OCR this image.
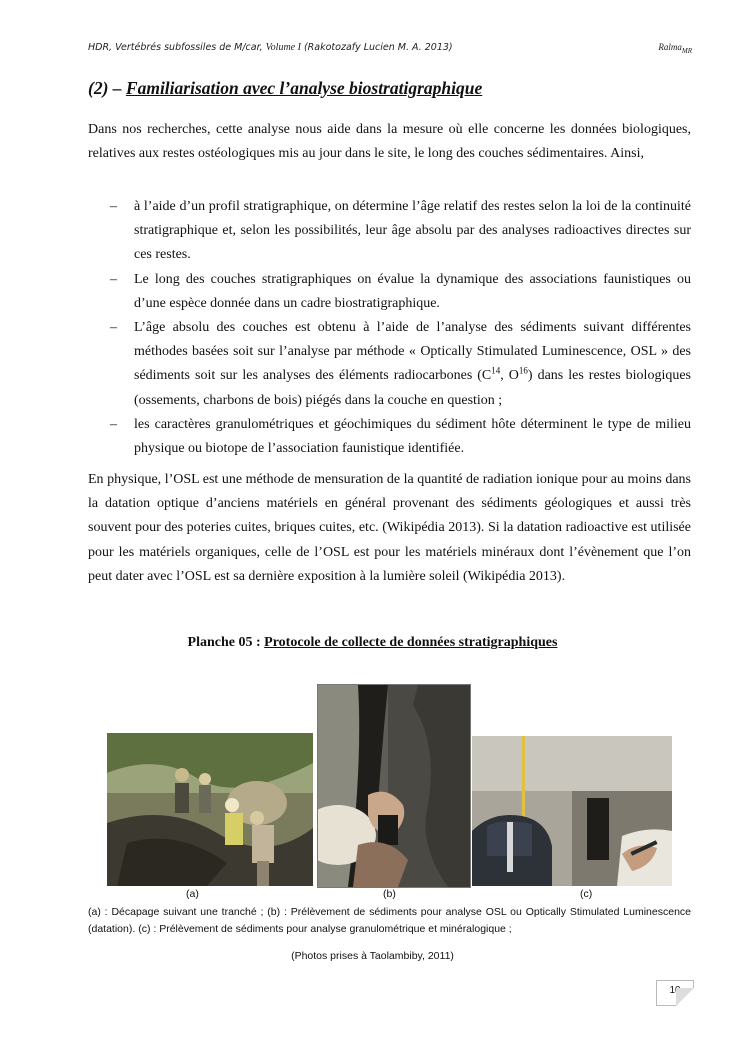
HDR, Vertébrés subfossiles de M/car, Volume I (Rakotozafy Lucien M. A. 2013)	Ralma$_{MR}$
(2) – Familiarisation avec l’analyse biostratigraphique

Dans nos recherches, cette analyse nous aide dans la mesure où elle concerne les données biologiques, relatives aux restes ostéologiques mis au jour dans le site, le long des couches sédimentaires. Ainsi,

– à l’aide d’un profil stratigraphique, on détermine l’âge relatif des restes selon la loi de la continuité stratigraphique et, selon les possibilités, leur âge absolu par des analyses radioactives directes sur ces restes.
– Le long des couches stratigraphiques on évalue la dynamique des associations faunistiques ou d’une espèce donnée dans un cadre biostratigraphique.
– L’âge absolu des couches est obtenu à l’aide de l’analyse des sédiments suivant différentes méthodes basées soit sur l’analyse par méthode « Optically Stimulated Luminescence, OSL » des sédiments soit sur les analyses des éléments radiocarbones ($C^{14}$, $O^{16}$) dans les restes biologiques (ossements, charbons de bois) piégés dans la couche en question ;
– les caractères granulométriques et géochimiques du sédiment hôte déterminent le type de milieu physique ou biotope de l’association faunistique identifiée.

En physique, l’OSL est une méthode de mensuration de la quantité de radiation ionique pour au moins dans la datation optique d’anciens matériels en général provenant des sédiments géologiques et aussi très souvent pour des poteries cuites, briques cuites, etc. (Wikipédia 2013). Si la datation radioactive est utilisée pour les matériels organiques, celle de l’OSL est pour les matériels minéraux dont l’évènement que l’on peut dater avec l’OSL est sa dernière exposition à la lumière soleil (Wikipédia 2013).

Planche 05 : Protocole de collecte de données stratigraphiques
(a)	(b)	(c)
(a) : Décapage suivant une tranché ; (b) : Prélèvement de sédiments pour analyse OSL ou Optically Stimulated Luminescence (datation). (c) : Prélèvement de sédiments pour analyse granulométrique et minéralogique ;
(Photos prises à Taolambiby, 2011)
10
